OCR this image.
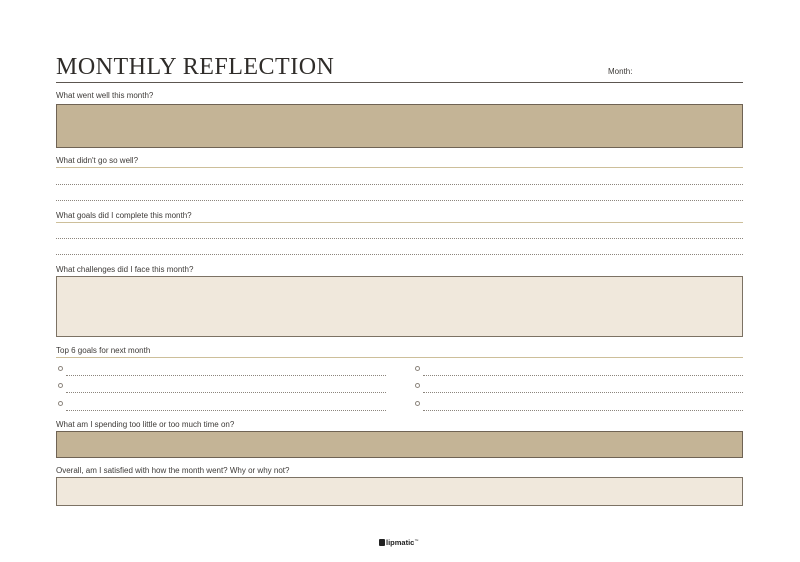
MONTHLY REFLECTION	Month:
What went well this month?
What didn't go so well?
What goals did I complete this month?
What challenges did I face this month?
Top 6 goals for next month
What am I spending too little or too much time on?
Overall, am I satisfied with how the month went? Why or why not?
lipmatic™
